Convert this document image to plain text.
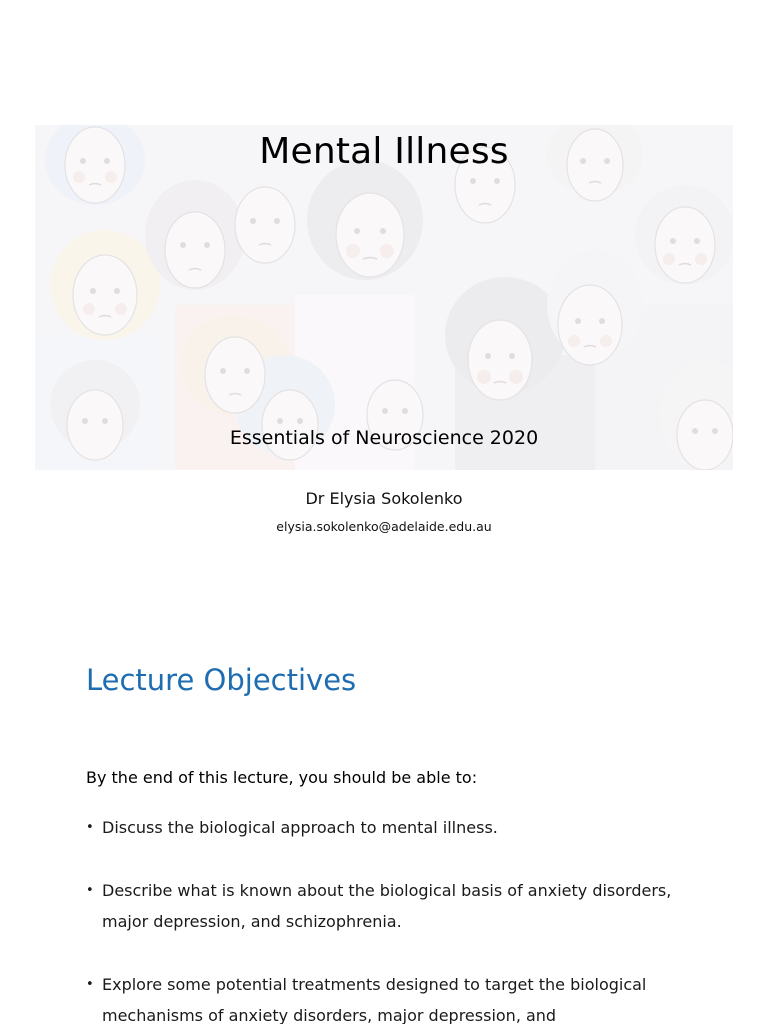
Mental Illness
Essentials of Neuroscience 2020
Dr Elysia Sokolenko
elysia.sokolenko@adelaide.edu.au
Lecture Objectives
By the end of this lecture, you should be able to:
• Discuss the biological approach to mental illness.
• Describe what is known about the biological basis of anxiety disorders, major depression, and schizophrenia.
• Explore some potential treatments designed to target the biological mechanisms of anxiety disorders, major depression, and
